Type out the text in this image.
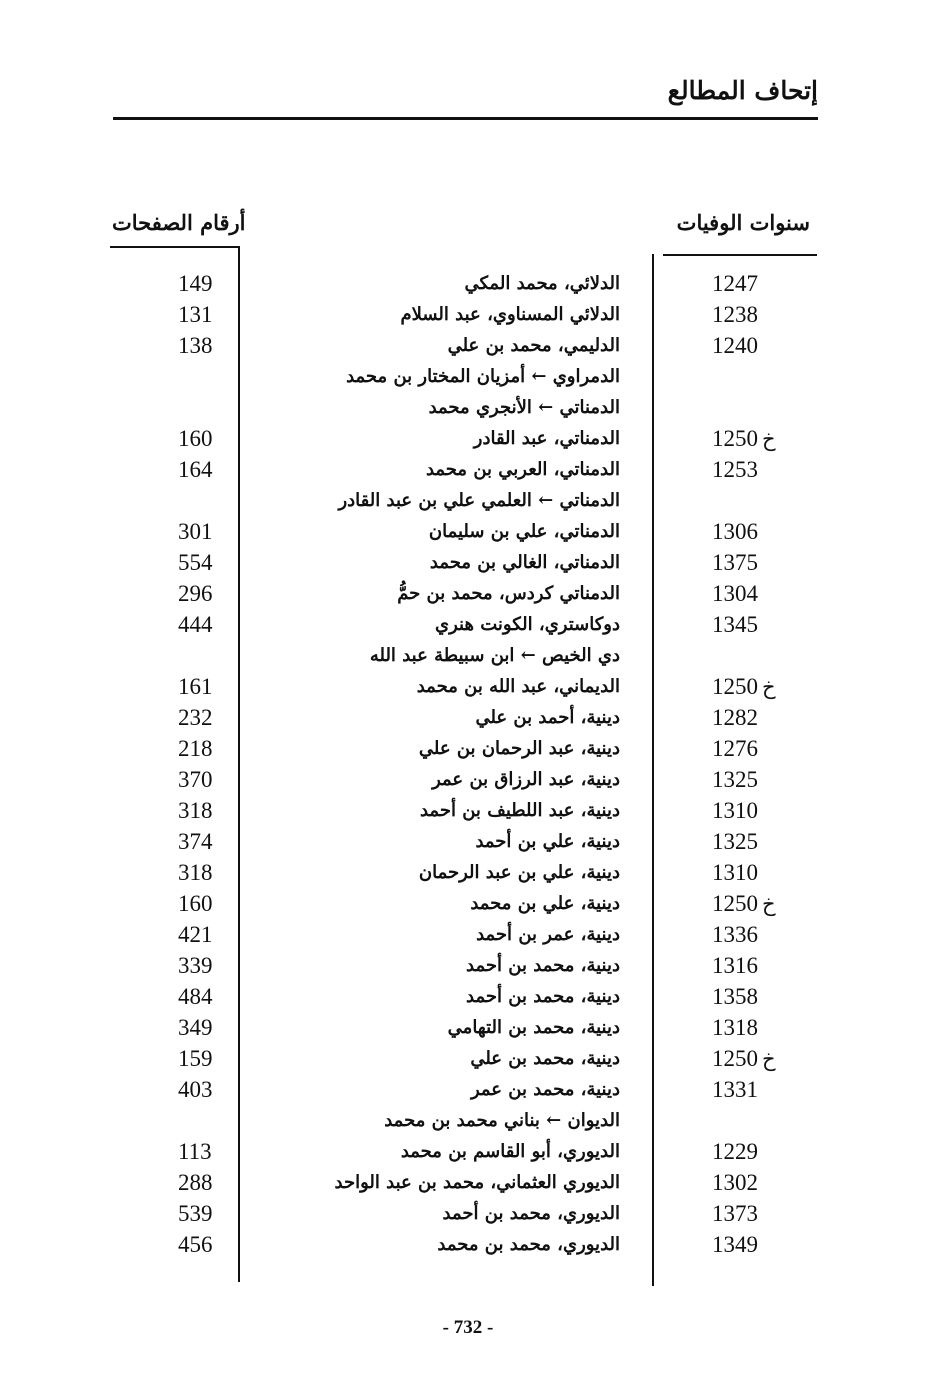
إتحاف المطالع
أرقام الصفحات	سنوات الوفيات
149	الدلائي، محمد المكي	1247
131	الدلائي المسناوي، عبد السلام	1238
138	الدليمي، محمد بن علي	1240
الدمراوي ← أمزيان المختار بن محمد
الدمناتي ← الأنجري محمد
160	الدمناتي، عبد القادر	1250 خ
164	الدمناتي، العربي بن محمد	1253
الدمناتي ← العلمي علي بن عبد القادر
301	الدمناتي، علي بن سليمان	1306
554	الدمناتي، الغالي بن محمد	1375
296	الدمناتي كردس، محمد بن حمُّ	1304
444	دوكاستري، الكونت هنري	1345
دي الخيص ← ابن سبيطة عبد الله
161	الديماني، عبد الله بن محمد	1250 خ
232	دينية، أحمد بن علي	1282
218	دينية، عبد الرحمان بن علي	1276
370	دينية، عبد الرزاق بن عمر	1325
318	دينية، عبد اللطيف بن أحمد	1310
374	دينية، علي بن أحمد	1325
318	دينية، علي بن عبد الرحمان	1310
160	دينية، علي بن محمد	1250 خ
421	دينية، عمر بن أحمد	1336
339	دينية، محمد بن أحمد	1316
484	دينية، محمد بن أحمد	1358
349	دينية، محمد بن التهامي	1318
159	دينية، محمد بن علي	1250 خ
403	دينية، محمد بن عمر	1331
الديوان ← بناني محمد بن محمد
113	الديوري، أبو القاسم بن محمد	1229
288	الديوري العثماني، محمد بن عبد الواحد	1302
539	الديوري، محمد بن أحمد	1373
456	الديوري، محمد بن محمد	1349
- 732 -
